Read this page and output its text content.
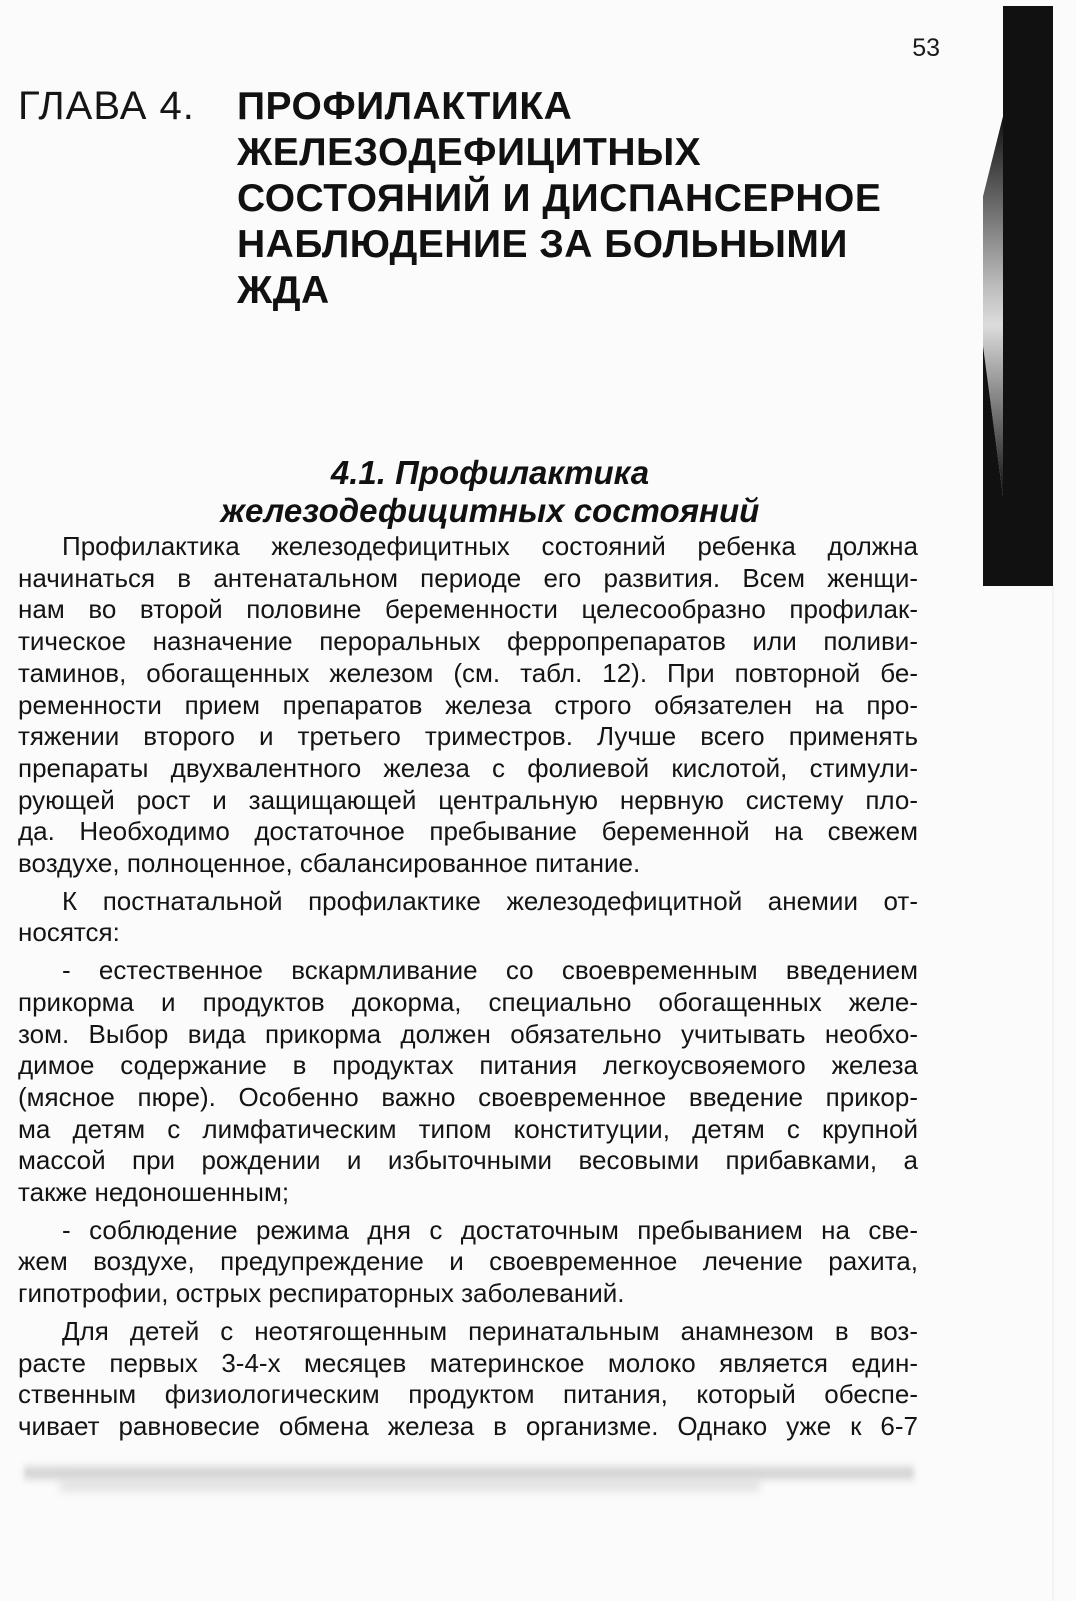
53
ГЛАВА 4. ПРОФИЛАКТИКА
ЖЕЛЕЗОДЕФИЦИТНЫХ
СОСТОЯНИЙ И ДИСПАНСЕРНОЕ
НАБЛЮДЕНИЕ ЗА БОЛЬНЫМИ
ЖДА
4.1. Профилактика
железодефицитных состояний
Профилактика железодефицитных состояний ребенка должна
начинаться в антенатальном периоде его развития. Всем женщи-
нам во второй половине беременности целесообразно профилак-
тическое назначение пероральных ферропрепаратов или поливи-
таминов, обогащенных железом (см. табл. 12). При повторной бе-
ременности прием препаратов железа строго обязателен на про-
тяжении второго и третьего триместров. Лучше всего применять
препараты двухвалентного железа с фолиевой кислотой, стимули-
рующей рост и защищающей центральную нервную систему пло-
да. Необходимо достаточное пребывание беременной на свежем
воздухе, полноценное, сбалансированное питание.
К постнатальной профилактике железодефицитной анемии от-
носятся:
- естественное вскармливание со своевременным введением
прикорма и продуктов докорма, специально обогащенных желе-
зом. Выбор вида прикорма должен обязательно учитывать необхо-
димое содержание в продуктах питания легкоусвояемого железа
(мясное пюре). Особенно важно своевременное введение прикор-
ма детям с лимфатическим типом конституции, детям с крупной
массой при рождении и избыточными весовыми прибавками, а
также недоношенным;
- соблюдение режима дня с достаточным пребыванием на све-
жем воздухе, предупреждение и своевременное лечение рахита,
гипотрофии, острых респираторных заболеваний.
Для детей с неотягощенным перинатальным анамнезом в воз-
расте первых 3-4-х месяцев материнское молоко является един-
ственным физиологическим продуктом питания, который обеспе-
чивает равновесие обмена железа в организме. Однако уже к 6-7
